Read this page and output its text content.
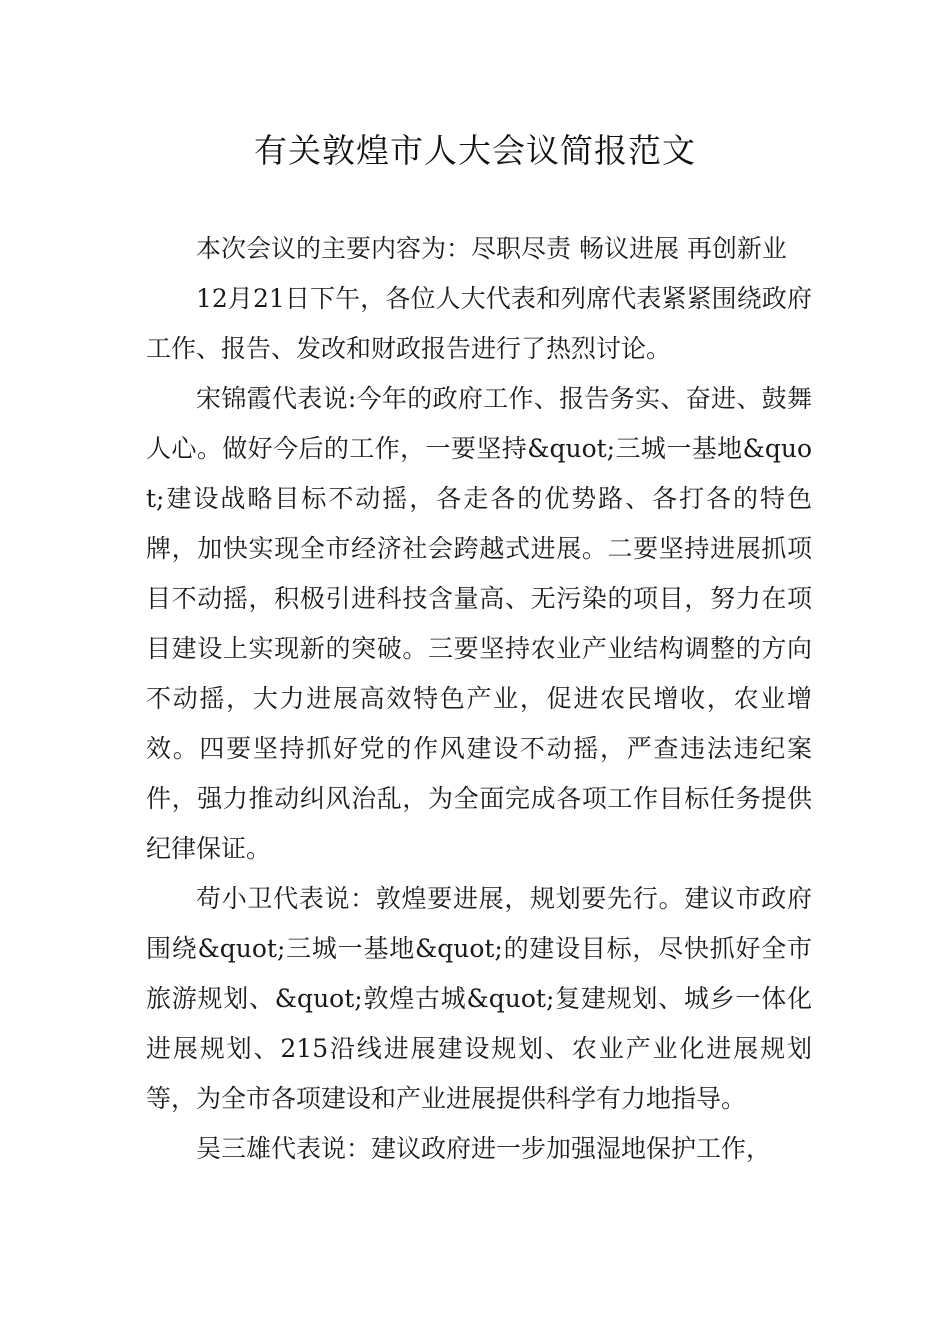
有关敦煌市人大会议简报范文

本次会议的主要内容为：尽职尽责 畅议进展 再创新业

12月21日下午，各位人大代表和列席代表紧紧围绕政府工作、报告、发改和财政报告进行了热烈讨论。

宋锦霞代表说:今年的政府工作、报告务实、奋进、鼓舞人心。做好今后的工作，一要坚持&quot;三城一基地&quot;建设战略目标不动摇，各走各的优势路、各打各的特色牌，加快实现全市经济社会跨越式进展。二要坚持进展抓项目不动摇，积极引进科技含量高、无污染的项目，努力在项目建设上实现新的突破。三要坚持农业产业结构调整的方向不动摇，大力进展高效特色产业，促进农民增收，农业增效。四要坚持抓好党的作风建设不动摇，严查违法违纪案件，强力推动纠风治乱，为全面完成各项工作目标任务提供纪律保证。

苟小卫代表说：敦煌要进展，规划要先行。建议市政府围绕&quot;三城一基地&quot;的建设目标，尽快抓好全市旅游规划、&quot;敦煌古城&quot;复建规划、城乡一体化进展规划、215沿线进展建设规划、农业产业化进展规划等，为全市各项建设和产业进展提供科学有力地指导。

吴三雄代表说：建议政府进一步加强湿地保护工作，
